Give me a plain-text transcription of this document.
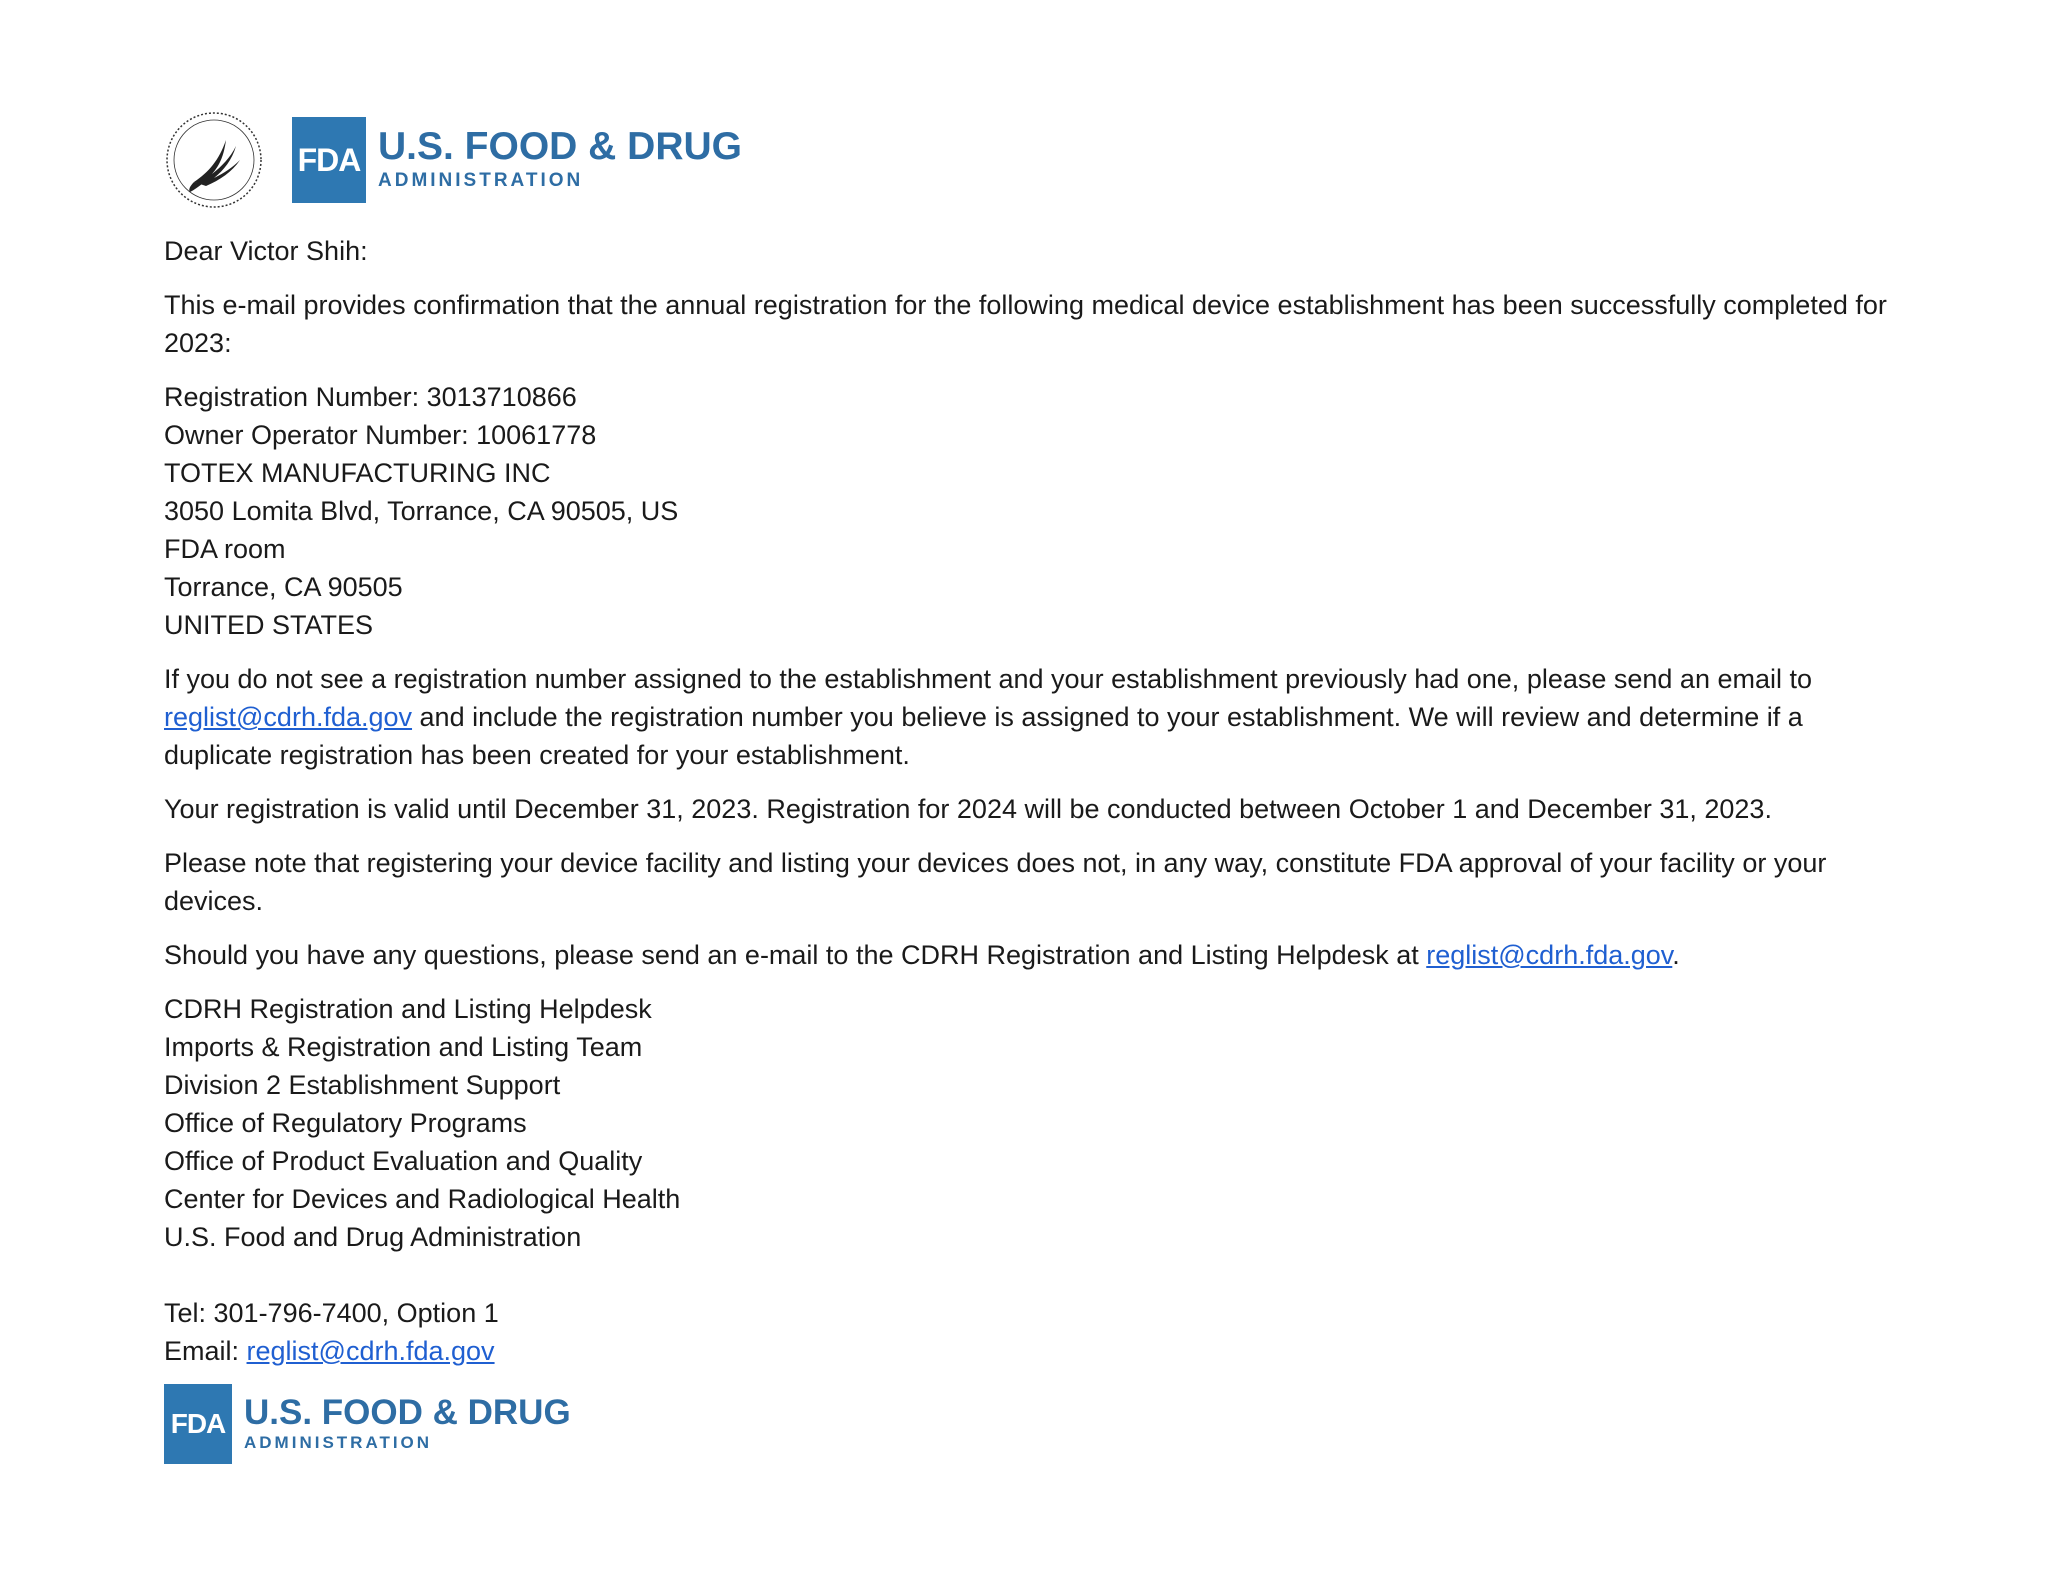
FDA U.S. FOOD & DRUG
ADMINISTRATION

Dear Victor Shih:

This e-mail provides confirmation that the annual registration for the following medical device establishment has been successfully completed for 2023:

Registration Number: 3013710866

Owner Operator Number: 10061778

TOTEX MANUFACTURING INC

3050 Lomita Blvd, Torrance, CA 90505, US

FDA room

Torrance, CA 90505

UNITED STATES

If you do not see a registration number assigned to the establishment and your establishment previously had one, please send an email to reglist@cdrh.fda.gov and include the registration number you believe is assigned to your establishment. We will review and determine if a duplicate registration has been created for your establishment.

Your registration is valid until December 31, 2023. Registration for 2024 will be conducted between October 1 and December 31, 2023.

Please note that registering your device facility and listing your devices does not, in any way, constitute FDA approval of your facility or your devices.

Should you have any questions, please send an e-mail to the CDRH Registration and Listing Helpdesk at reglist@cdrh.fda.gov.

CDRH Registration and Listing Helpdesk

Imports & Registration and Listing Team

Division 2 Establishment Support

Office of Regulatory Programs

Office of Product Evaluation and Quality

Center for Devices and Radiological Health

U.S. Food and Drug Administration

Tel: 301-796-7400, Option 1

Email: reglist@cdrh.fda.gov

FDA U.S. FOOD & DRUG
ADMINISTRATION
